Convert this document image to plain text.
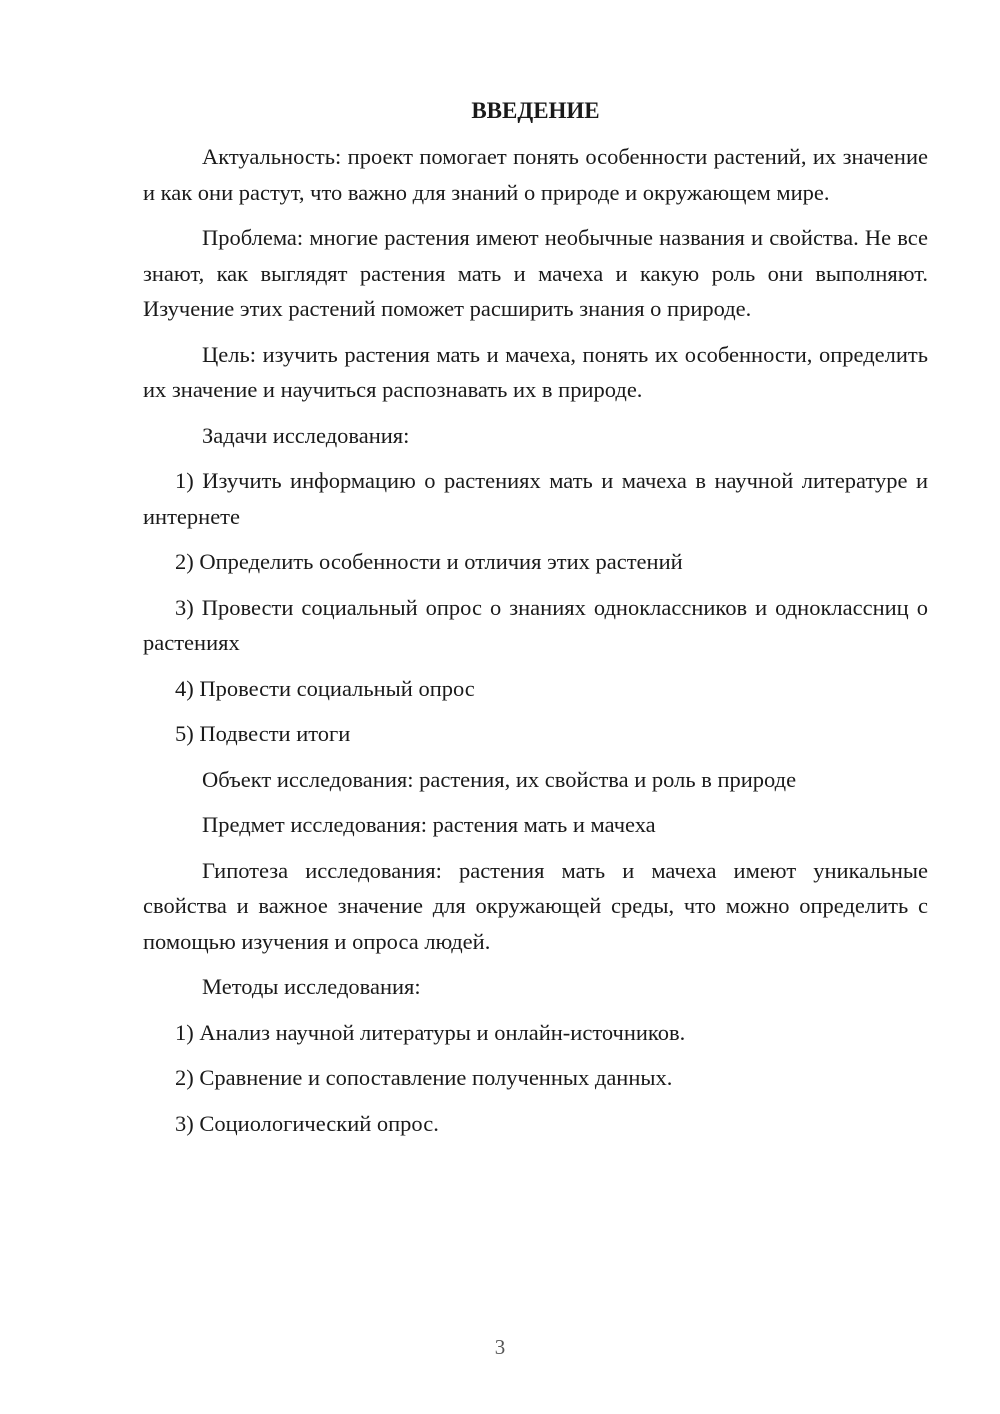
ВВЕДЕНИЕ

Актуальность: проект помогает понять особенности растений, их значение и как они растут, что важно для знаний о природе и окружающем мире.

Проблема: многие растения имеют необычные названия и свойства. Не все знают, как выглядят растения мать и мачеха и какую роль они выполняют. Изучение этих растений поможет расширить знания о природе.

Цель: изучить растения мать и мачеха, понять их особенности, определить их значение и научиться распознавать их в природе.

Задачи исследования:

1) Изучить информацию о растениях мать и мачеха в научной литературе и интернете

2) Определить особенности и отличия этих растений

3) Провести социальный опрос о знаниях одноклассников и одноклассниц о растениях

4) Провести социальный опрос

5) Подвести итоги

Объект исследования: растения, их свойства и роль в природе

Предмет исследования: растения мать и мачеха

Гипотеза исследования: растения мать и мачеха имеют уникальные свойства и важное значение для окружающей среды, что можно определить с помощью изучения и опроса людей.

Методы исследования:

1) Анализ научной литературы и онлайн-источников.

2) Сравнение и сопоставление полученных данных.

3) Социологический опрос.

3
